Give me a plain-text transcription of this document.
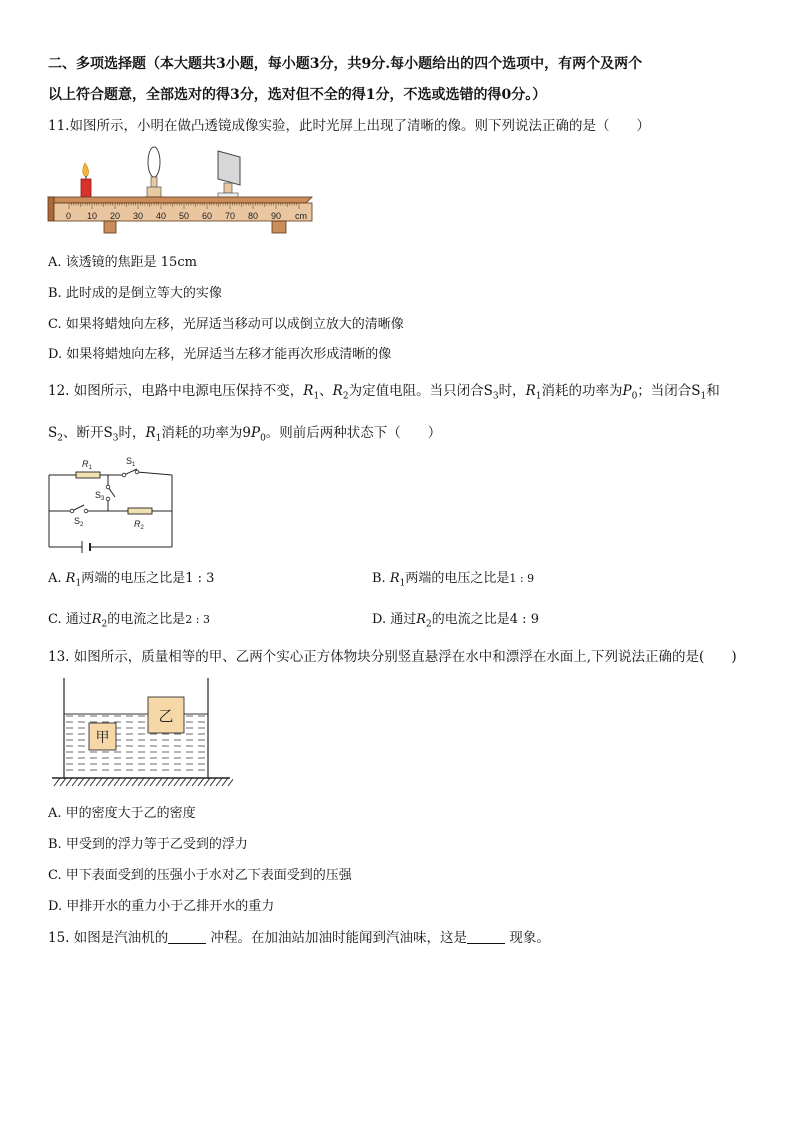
二、多项选择题（本大题共3小题，每小题3分，共9分.每小题给出的四个选项中，有两个及两个
以上符合题意，全部选对的得3分，选对但不全的得1分，不选或选错的得0分。）
11.如图所示，小明在做凸透镜成像实验，此时光屏上出现了清晰的像。则下列说法正确的是（　　）
0 10 20 30 40 50 60 70 80 90 cm
A. 该透镜的焦距是 15cm
B. 此时成的是倒立等大的实像
C. 如果将蜡烛向左移，光屏适当移动可以成倒立放大的清晰像
D. 如果将蜡烛向左移，光屏适当左移才能再次形成清晰的像
12. 如图所示，电路中电源电压保持不变，$R_1$、$R_2$为定值电阻。当只闭合$S_3$时，$R_1$消耗的功率为$P_0$；当闭合$S_1$和
$S_2$、断开$S_3$时，$R_1$消耗的功率为$9P_0$。则前后两种状态下（　　）
$R_1$
$S_1$
$S_3$
$S_2$	$R_2$
A. $R_1$两端的电压之比是1 : 3	B. $R_1$两端的电压之比是1 : 9
C. 通过$R_2$的电流之比是2 : 3	D. 通过$R_2$的电流之比是4 : 9
13. 如图所示，质量相等的甲、乙两个实心正方体物块分别竖直悬浮在水中和漂浮在水面上,下列说法正确的是(　　)
甲
乙
A. 甲的密度大于乙的密度
B. 甲受到的浮力等于乙受到的浮力
C. 甲下表面受到的压强小于水对乙下表面受到的压强
D. 甲排开水的重力小于乙排开水的重力
15. 如图是汽油机的	冲程。在加油站加油时能闻到汽油味，这是	现象。
